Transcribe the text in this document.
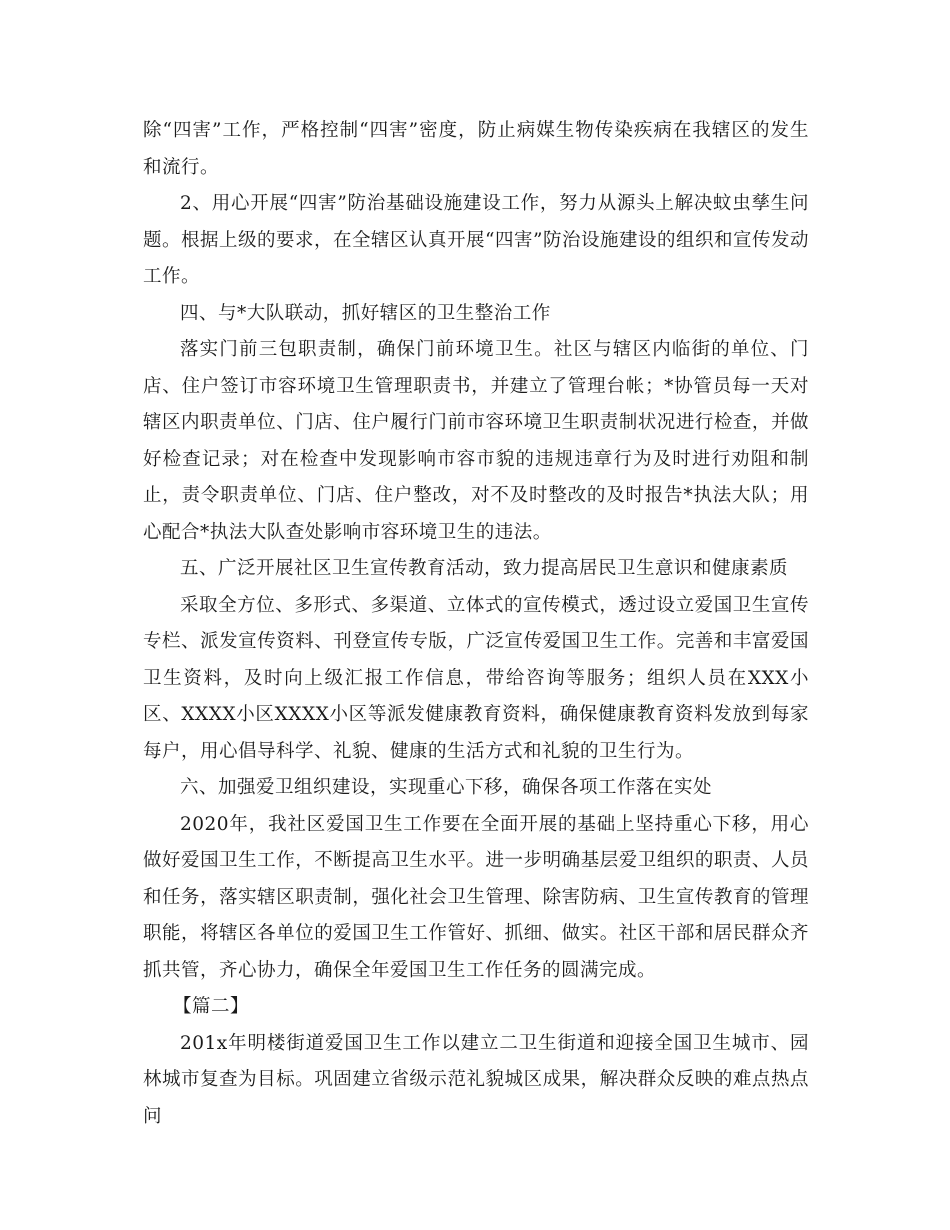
除“四害”工作，严格控制“四害”密度，防止病媒生物传染疾病在我辖区的发生和流行。

2、用心开展“四害”防治基础设施建设工作，努力从源头上解决蚊虫孳生问题。根据上级的要求，在全辖区认真开展“四害”防治设施建设的组织和宣传发动工作。

四、与*大队联动，抓好辖区的卫生整治工作

落实门前三包职责制，确保门前环境卫生。社区与辖区内临街的单位、门店、住户签订市容环境卫生管理职责书，并建立了管理台帐；*协管员每一天对辖区内职责单位、门店、住户履行门前市容环境卫生职责制状况进行检查，并做好检查记录；对在检查中发现影响市容市貌的违规违章行为及时进行劝阻和制止，责令职责单位、门店、住户整改，对不及时整改的及时报告*执法大队；用心配合*执法大队查处影响市容环境卫生的违法。

五、广泛开展社区卫生宣传教育活动，致力提高居民卫生意识和健康素质

采取全方位、多形式、多渠道、立体式的宣传模式，透过设立爱国卫生宣传专栏、派发宣传资料、刊登宣传专版，广泛宣传爱国卫生工作。完善和丰富爱国卫生资料，及时向上级汇报工作信息，带给咨询等服务；组织人员在XXX小区、XXXX小区XXXX小区等派发健康教育资料，确保健康教育资料发放到每家每户，用心倡导科学、礼貌、健康的生活方式和礼貌的卫生行为。

六、加强爱卫组织建设，实现重心下移，确保各项工作落在实处

2020年，我社区爱国卫生工作要在全面开展的基础上坚持重心下移，用心做好爱国卫生工作，不断提高卫生水平。进一步明确基层爱卫组织的职责、人员和任务，落实辖区职责制，强化社会卫生管理、除害防病、卫生宣传教育的管理职能，将辖区各单位的爱国卫生工作管好、抓细、做实。社区干部和居民群众齐抓共管，齐心协力，确保全年爱国卫生工作任务的圆满完成。

【篇二】

201x年明楼街道爱国卫生工作以建立二卫生街道和迎接全国卫生城市、园林城市复查为目标。巩固建立省级示范礼貌城区成果，解决群众反映的难点热点问
